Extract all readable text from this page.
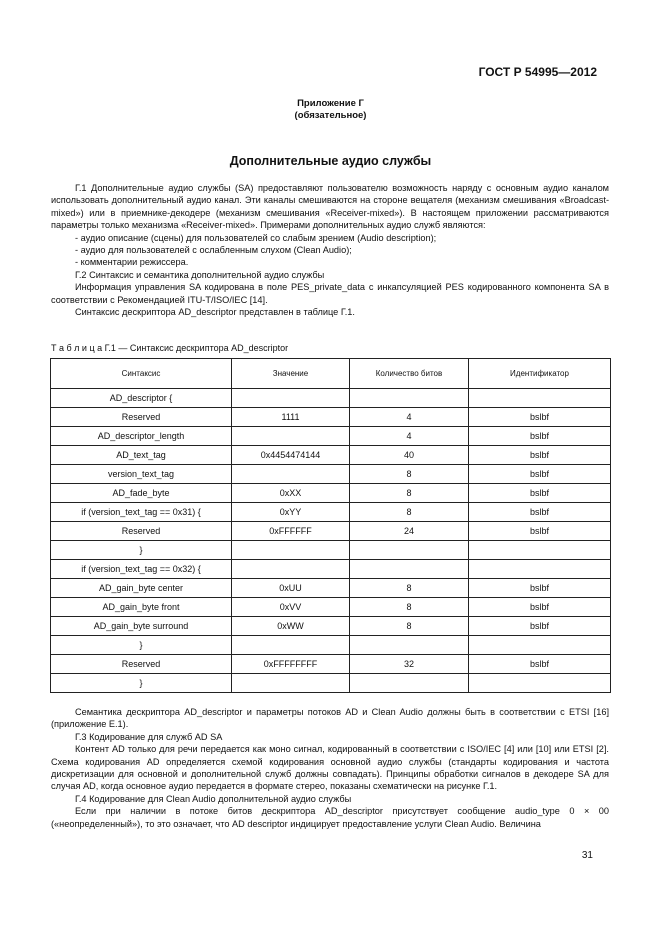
ГОСТ Р 54995—2012
Приложение Г
(обязательное)
Дополнительные аудио службы

Г.1 Дополнительные аудио службы (SA) предоставляют пользователю возможность наряду с основным аудио каналом использовать дополнительный аудио канал. Эти каналы смешиваются на стороне вещателя (механизм смешивания «Broadcast-mixed») или в приемнике-декодере (механизм смешивания «Receiver-mixed»). В настоящем приложении рассматриваются параметры только механизма «Receiver-mixed». Примерами дополнительных аудио служб являются:

- аудио описание (сцены) для пользователей со слабым зрением (Audio description);

- аудио для пользователей с ослабленным слухом (Clean Audio);

- комментарии режиссера.

Г.2 Синтаксис и семантика дополнительной аудио службы

Информация управления SA кодирована в поле PES_private_data с инкапсуляцией PES кодированного компонента SA в соответствии с Рекомендацией ITU-T/ISO/IEC [14].

Синтаксис дескриптора AD_descriptor представлен в таблице Г.1.

Т а б л и ц а Г.1 — Синтаксис дескриптора AD_descriptor
Синтаксис	Значение	Количество битов	Идентификатор
AD_descriptor {			
Reserved	1111	4	bslbf
AD_descriptor_length		4	bslbf
AD_text_tag	0x4454474144	40	bslbf
version_text_tag		8	bslbf
AD_fade_byte	0xXX	8	bslbf
if (version_text_tag == 0x31) {	0xYY	8	bslbf
Reserved	0xFFFFFF	24	bslbf
}			
if (version_text_tag == 0x32) {			
AD_gain_byte center	0xUU	8	bslbf
AD_gain_byte front	0xVV	8	bslbf
AD_gain_byte surround	0xWW	8	bslbf
}			
Reserved	0xFFFFFFFF	32	bslbf
}			

Семантика дескриптора AD_descriptor и параметры потоков AD и Clean Audio должны быть в соответствии с ETSI [16] (приложение Е.1).

Г.3 Кодирование для служб AD SA

Контент AD только для речи передается как моно сигнал, кодированный в соответствии с ISO/IEC [4] или [10] или ETSI [2]. Схема кодирования AD определяется схемой кодирования основной аудио службы (стандарты кодирования и частота дискретизации для основной и дополнительной служб должны совпадать). Принципы обработки сигналов в декодере SA для случая AD, когда основное аудио передается в формате стерео, показаны схематически на рисунке Г.1.

Г.4 Кодирование для Clean Audio дополнительной аудио службы

Если при наличии в потоке битов дескриптора AD_descriptor присутствует сообщение audio_type 0 × 00 («неопределенный»), то это означает, что AD descriptor индицирует предоставление услуги Clean Audio. Величина

31
